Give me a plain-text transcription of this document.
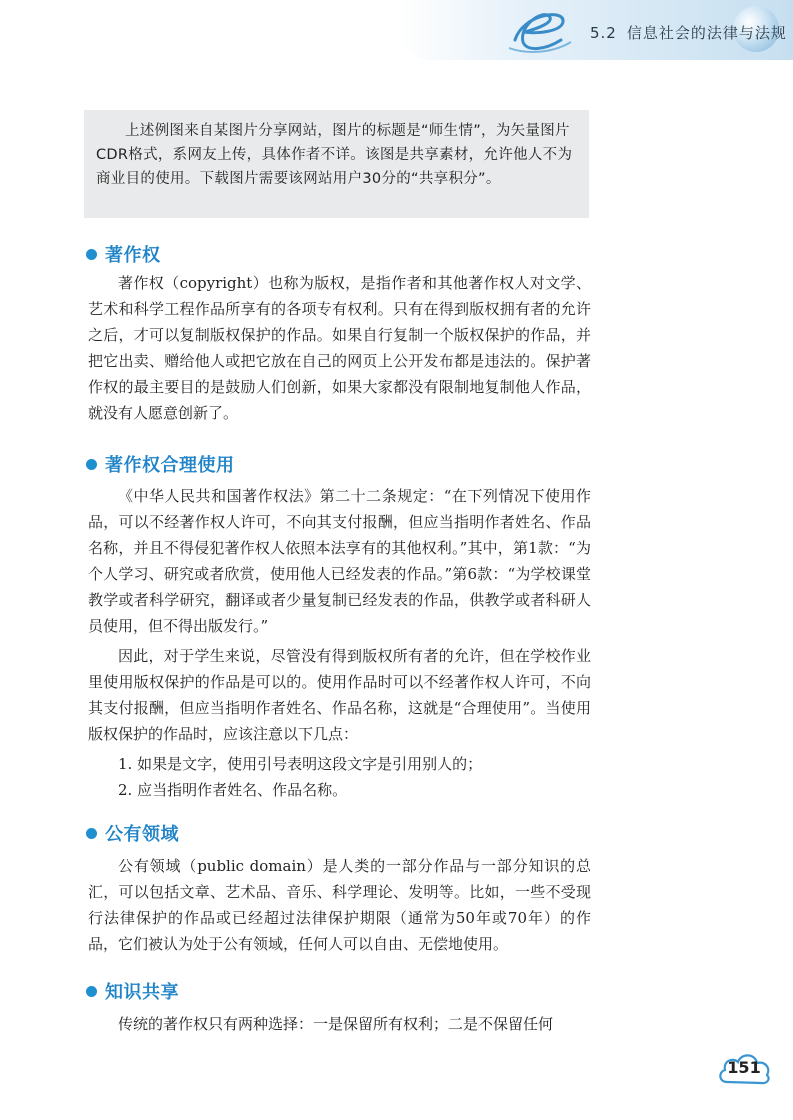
5.2 信息社会的法律与法规

上述例图来自某图片分享网站，图片的标题是“师生情”，为矢量图片CDR格式，系网友上传，具体作者不详。该图是共享素材，允许他人不为商业目的使用。下载图片需要该网站用户30分的“共享积分”。

著作权

著作权（copyright）也称为版权，是指作者和其他著作权人对文学、艺术和科学工程作品所享有的各项专有权利。只有在得到版权拥有者的允许之后，才可以复制版权保护的作品。如果自行复制一个版权保护的作品，并把它出卖、赠给他人或把它放在自己的网页上公开发布都是违法的。保护著作权的最主要目的是鼓励人们创新，如果大家都没有限制地复制他人作品，就没有人愿意创新了。

著作权合理使用

《中华人民共和国著作权法》第二十二条规定：“在下列情况下使用作品，可以不经著作权人许可，不向其支付报酬，但应当指明作者姓名、作品名称，并且不得侵犯著作权人依照本法享有的其他权利。”其中，第1款：“为个人学习、研究或者欣赏，使用他人已经发表的作品。”第6款：“为学校课堂教学或者科学研究，翻译或者少量复制已经发表的作品，供教学或者科研人员使用，但不得出版发行。”

因此，对于学生来说，尽管没有得到版权所有者的允许，但在学校作业里使用版权保护的作品是可以的。使用作品时可以不经著作权人许可，不向其支付报酬，但应当指明作者姓名、作品名称，这就是“合理使用”。当使用版权保护的作品时，应该注意以下几点：

1. 如果是文字，使用引号表明这段文字是引用别人的；

2. 应当指明作者姓名、作品名称。

公有领域

公有领域（public domain）是人类的一部分作品与一部分知识的总汇，可以包括文章、艺术品、音乐、科学理论、发明等。比如，一些不受现行法律保护的作品或已经超过法律保护期限（通常为50年或70年）的作品，它们被认为处于公有领域，任何人可以自由、无偿地使用。

知识共享

传统的著作权只有两种选择：一是保留所有权利；二是不保留任何

151
